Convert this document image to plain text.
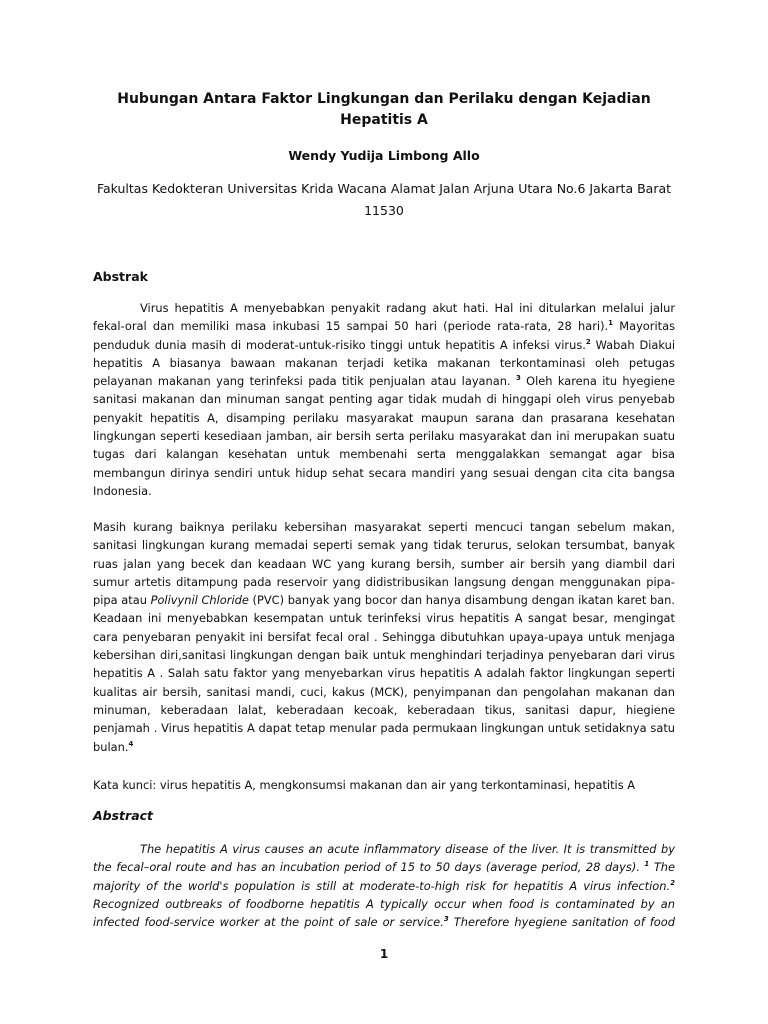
Hubungan Antara Faktor Lingkungan dan Perilaku dengan Kejadian Hepatitis A
Wendy Yudija Limbong Allo
Fakultas Kedokteran Universitas Krida Wacana Alamat Jalan Arjuna Utara No.6 Jakarta Barat
11530
Abstrak
Virus hepatitis A menyebabkan penyakit radang akut hati. Hal ini ditularkan melalui jalur
fekal-oral dan memiliki masa inkubasi 15 sampai 50 hari (periode rata-rata, 28 hari).$^1$ Mayoritas
penduduk dunia masih di moderat-untuk-risiko tinggi untuk hepatitis A infeksi virus.$^2$ Wabah Diakui
hepatitis A biasanya bawaan makanan terjadi ketika makanan terkontaminasi oleh petugas
pelayanan makanan yang terinfeksi pada titik penjualan atau layanan. $^3$ Oleh karena itu hyegiene
sanitasi makanan dan minuman sangat penting agar tidak mudah di hinggapi oleh virus penyebab
penyakit hepatitis A, disamping perilaku masyarakat maupun sarana dan prasarana kesehatan
lingkungan seperti kesediaan jamban, air bersih serta perilaku masyarakat dan ini merupakan suatu
tugas dari kalangan kesehatan untuk membenahi serta menggalakkan semangat agar bisa
membangun dirinya sendiri untuk hidup sehat secara mandiri yang sesuai dengan cita cita bangsa
Indonesia.
Masih kurang baiknya perilaku kebersihan masyarakat seperti mencuci tangan sebelum makan,
sanitasi lingkungan kurang memadai seperti semak yang tidak terurus, selokan tersumbat, banyak
ruas jalan yang becek dan keadaan WC yang kurang bersih, sumber air bersih yang diambil dari
sumur artetis ditampung pada reservoir yang didistribusikan langsung dengan menggunakan pipa-
pipa atau Polivynil Chloride (PVC) banyak yang bocor dan hanya disambung dengan ikatan karet ban.
Keadaan ini menyebabkan kesempatan untuk terinfeksi virus hepatitis A sangat besar, mengingat
cara penyebaran penyakit ini bersifat fecal oral . Sehingga dibutuhkan upaya-upaya untuk menjaga
kebersihan diri,sanitasi lingkungan dengan baik untuk menghindari terjadinya penyebaran dari virus
hepatitis A . Salah satu faktor yang menyebarkan virus hepatitis A adalah faktor lingkungan seperti
kualitas air bersih, sanitasi mandi, cuci, kakus (MCK), penyimpanan dan pengolahan makanan dan
minuman, keberadaan lalat, keberadaan kecoak, keberadaan tikus, sanitasi dapur, hiegiene
penjamah . Virus hepatitis A dapat tetap menular pada permukaan lingkungan untuk setidaknya satu
bulan.$^4$
Kata kunci: virus hepatitis A, mengkonsumsi makanan dan air yang terkontaminasi, hepatitis A
Abstract
The hepatitis A virus causes an acute inflammatory disease of the liver. It is transmitted by
the fecal–oral route and has an incubation period of 15 to 50 days (average period, 28 days). $^1$ The
majority of the world's population is still at moderate-to-high risk for hepatitis A virus infection.$^2$
Recognized outbreaks of foodborne hepatitis A typically occur when food is contaminated by an
infected food-service worker at the point of sale or service.$^3$ Therefore hyegiene sanitation of food
1
